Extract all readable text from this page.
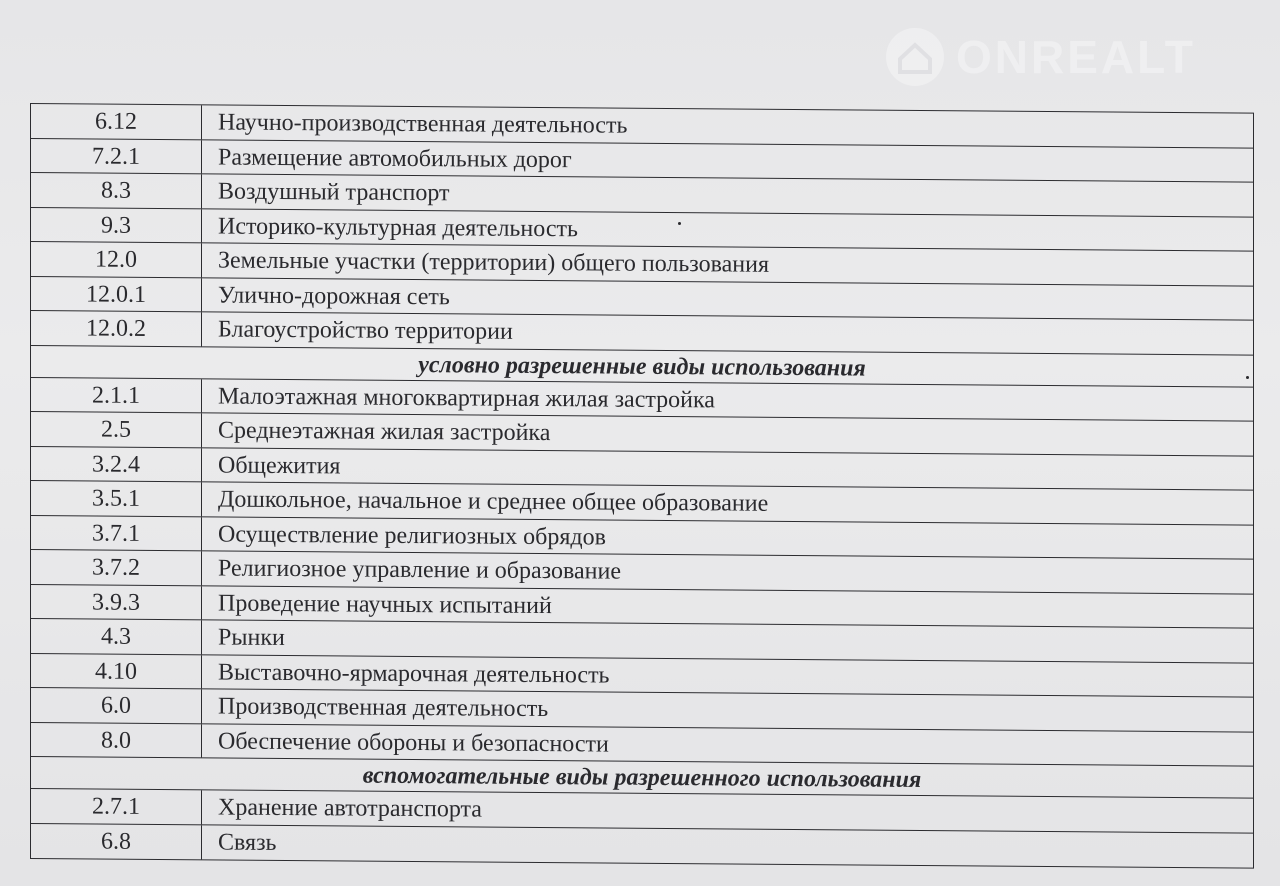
ONREALT
6.12	Научно-производственная деятельность
7.2.1	Размещение автомобильных дорог
8.3	Воздушный транспорт
9.3	Историко-культурная деятельность
12.0	Земельные участки (территории) общего пользования
12.0.1	Улично-дорожная сеть
12.0.2	Благоустройство территории
условно разрешенные виды использования
2.1.1	Малоэтажная многоквартирная жилая застройка
2.5	Среднеэтажная жилая застройка
3.2.4	Общежития
3.5.1	Дошкольное, начальное и среднее общее образование
3.7.1	Осуществление религиозных обрядов
3.7.2	Религиозное управление и образование
3.9.3	Проведение научных испытаний
4.3	Рынки
4.10	Выставочно-ярмарочная деятельность
6.0	Производственная деятельность
8.0	Обеспечение обороны и безопасности
вспомогательные виды разрешенного использования
2.7.1	Хранение автотранспорта
6.8	Связь
